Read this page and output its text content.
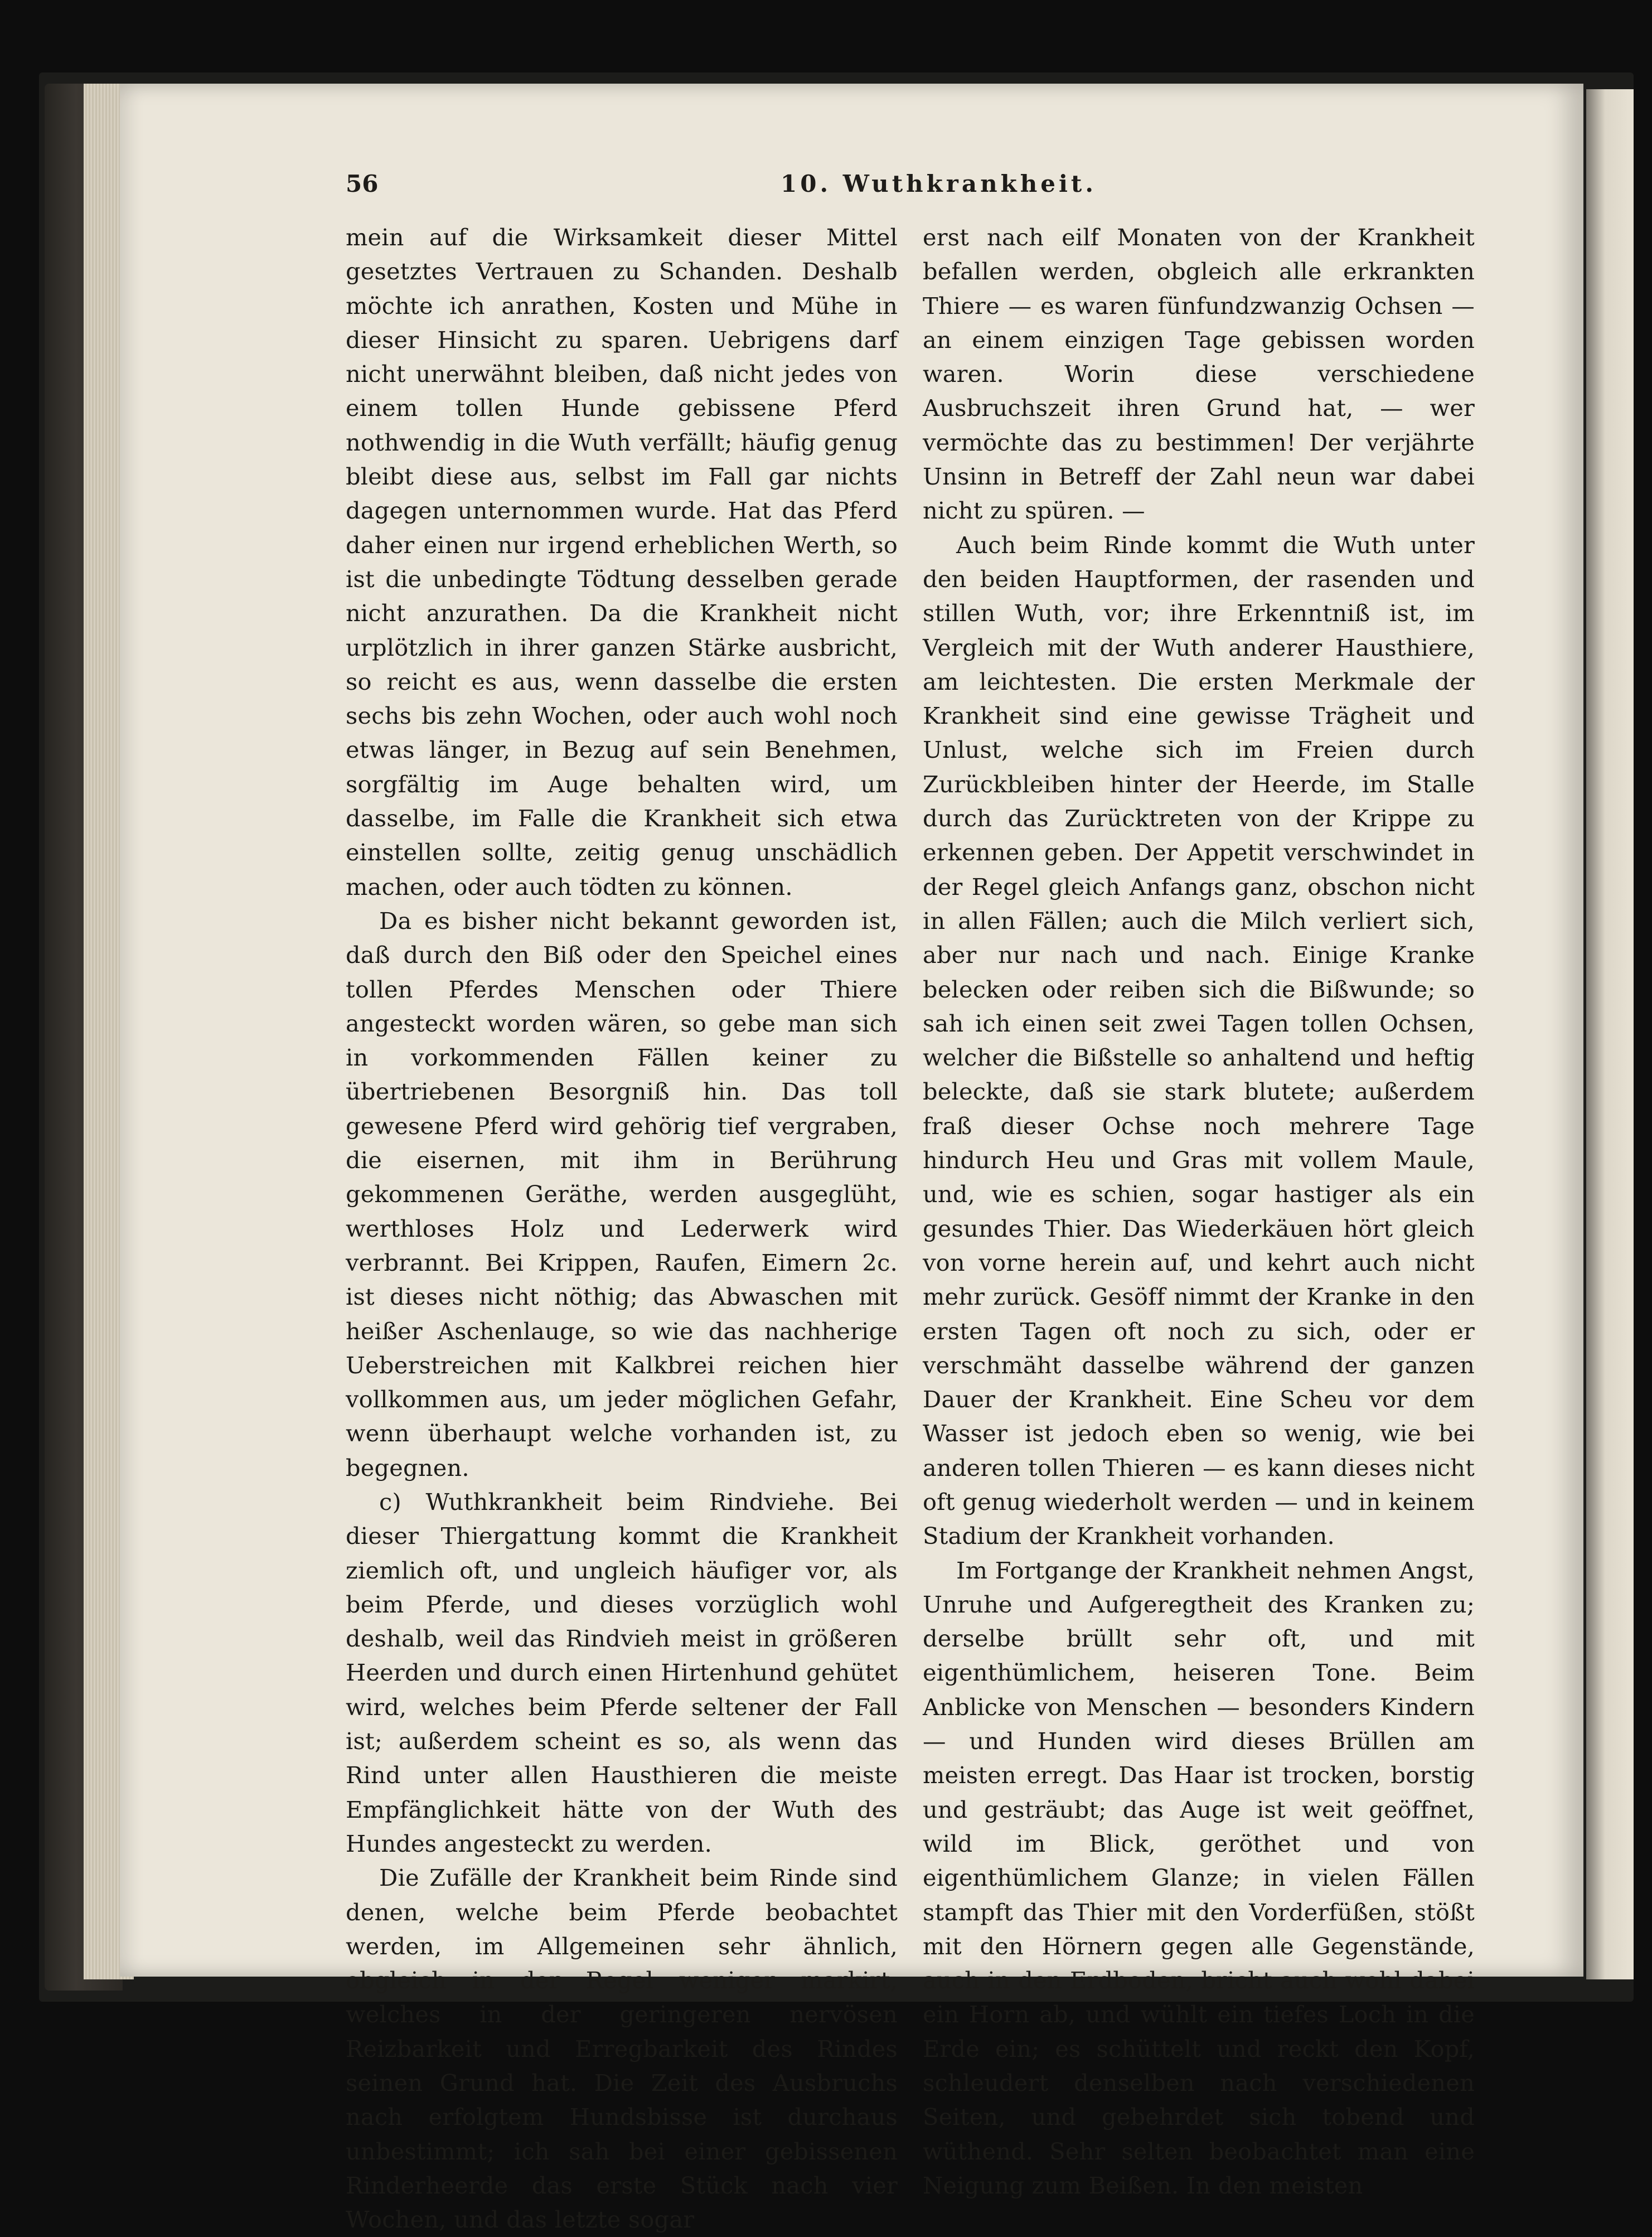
56	10. Wuthkrankheit.

mein auf die Wirksamkeit dieser Mittel gesetztes Vertrauen zu Schanden. Deshalb möchte ich anrathen, Kosten und Mühe in dieser Hinsicht zu sparen. Uebrigens darf nicht unerwähnt bleiben, daß nicht jedes von einem tollen Hunde gebissene Pferd nothwendig in die Wuth verfällt; häufig genug bleibt diese aus, selbst im Fall gar nichts dagegen unternommen wurde. Hat das Pferd daher einen nur irgend erheblichen Werth, so ist die unbedingte Tödtung desselben gerade nicht anzurathen. Da die Krankheit nicht urplötzlich in ihrer ganzen Stärke ausbricht, so reicht es aus, wenn dasselbe die ersten sechs bis zehn Wochen, oder auch wohl noch etwas länger, in Bezug auf sein Benehmen, sorgfältig im Auge behalten wird, um dasselbe, im Falle die Krankheit sich etwa einstellen sollte, zeitig genug unschädlich machen, oder auch tödten zu können.

Da es bisher nicht bekannt geworden ist, daß durch den Biß oder den Speichel eines tollen Pferdes Menschen oder Thiere angesteckt worden wären, so gebe man sich in vorkommenden Fällen keiner zu übertriebenen Besorgniß hin. Das toll gewesene Pferd wird gehörig tief vergraben, die eisernen, mit ihm in Berührung gekommenen Geräthe, werden ausgeglüht, werthloses Holz und Lederwerk wird verbrannt. Bei Krippen, Raufen, Eimern 2c. ist dieses nicht nöthig; das Abwaschen mit heißer Aschenlauge, so wie das nachherige Ueberstreichen mit Kalkbrei reichen hier vollkommen aus, um jeder möglichen Gefahr, wenn überhaupt welche vorhanden ist, zu begegnen.

c) Wuthkrankheit beim Rindviehe. Bei dieser Thiergattung kommt die Krankheit ziemlich oft, und ungleich häufiger vor, als beim Pferde, und dieses vorzüglich wohl deshalb, weil das Rindvieh meist in größeren Heerden und durch einen Hirtenhund gehütet wird, welches beim Pferde seltener der Fall ist; außerdem scheint es so, als wenn das Rind unter allen Hausthieren die meiste Empfänglichkeit hätte von der Wuth des Hundes angesteckt zu werden.

Die Zufälle der Krankheit beim Rinde sind denen, welche beim Pferde beobachtet werden, im Allgemeinen sehr ähnlich, obgleich in der Regel weniger markirt, welches in der geringeren nervösen Reizbarkeit und Erregbarkeit des Rindes seinen Grund hat. Die Zeit des Ausbruchs nach erfolgtem Hundsbisse ist durchaus unbestimmt; ich sah bei einer gebissenen Rinderheerde das erste Stück nach vier Wochen, und das letzte sogar

erst nach eilf Monaten von der Krankheit befallen werden, obgleich alle erkrankten Thiere — es waren fünfundzwanzig Ochsen — an einem einzigen Tage gebissen worden waren. Worin diese verschiedene Ausbruchszeit ihren Grund hat, — wer vermöchte das zu bestimmen! Der verjährte Unsinn in Betreff der Zahl neun war dabei nicht zu spüren. —

Auch beim Rinde kommt die Wuth unter den beiden Hauptformen, der rasenden und stillen Wuth, vor; ihre Erkenntniß ist, im Vergleich mit der Wuth anderer Hausthiere, am leichtesten. Die ersten Merkmale der Krankheit sind eine gewisse Trägheit und Unlust, welche sich im Freien durch Zurückbleiben hinter der Heerde, im Stalle durch das Zurücktreten von der Krippe zu erkennen geben. Der Appetit verschwindet in der Regel gleich Anfangs ganz, obschon nicht in allen Fällen; auch die Milch verliert sich, aber nur nach und nach. Einige Kranke belecken oder reiben sich die Bißwunde; so sah ich einen seit zwei Tagen tollen Ochsen, welcher die Bißstelle so anhaltend und heftig beleckte, daß sie stark blutete; außerdem fraß dieser Ochse noch mehrere Tage hindurch Heu und Gras mit vollem Maule, und, wie es schien, sogar hastiger als ein gesundes Thier. Das Wiederkäuen hört gleich von vorne herein auf, und kehrt auch nicht mehr zurück. Gesöff nimmt der Kranke in den ersten Tagen oft noch zu sich, oder er verschmäht dasselbe während der ganzen Dauer der Krankheit. Eine Scheu vor dem Wasser ist jedoch eben so wenig, wie bei anderen tollen Thieren — es kann dieses nicht oft genug wiederholt werden — und in keinem Stadium der Krankheit vorhanden.

Im Fortgange der Krankheit nehmen Angst, Unruhe und Aufgeregtheit des Kranken zu; derselbe brüllt sehr oft, und mit eigenthümlichem, heiseren Tone. Beim Anblicke von Menschen — besonders Kindern — und Hunden wird dieses Brüllen am meisten erregt. Das Haar ist trocken, borstig und gesträubt; das Auge ist weit geöffnet, wild im Blick, geröthet und von eigenthümlichem Glanze; in vielen Fällen stampft das Thier mit den Vorderfüßen, stößt mit den Hörnern gegen alle Gegenstände, auch in den Erdboden, bricht auch wohl dabei ein Horn ab, und wühlt ein tiefes Loch in die Erde ein; es schüttelt und reckt den Kopf, schleudert denselben nach verschiedenen Seiten, und gebehrdet sich tobend und wüthend. Sehr selten beobachtet man eine Neigung zum Beißen. In den meisten
